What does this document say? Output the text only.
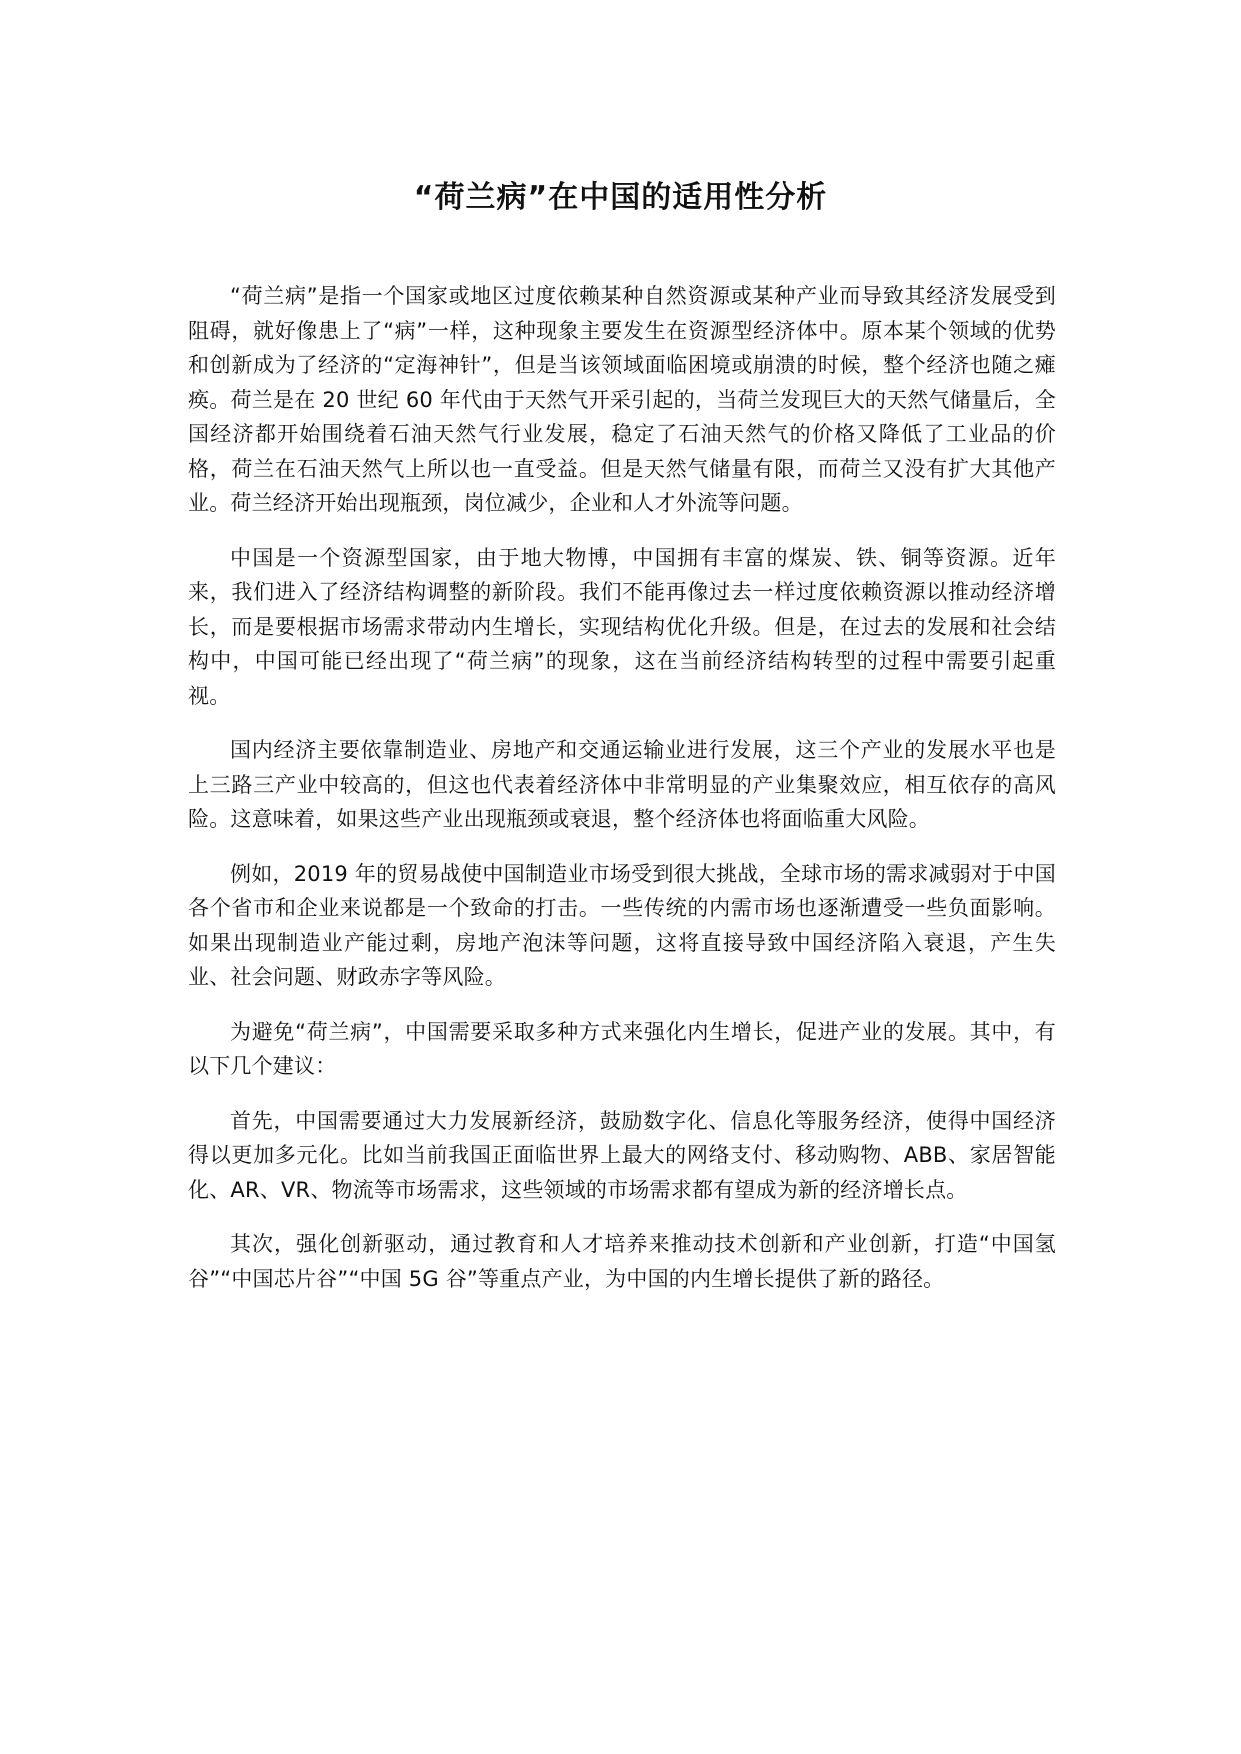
“荷兰病”在中国的适用性分析

“荷兰病”是指一个国家或地区过度依赖某种自然资源或某种产业而导致其经济发展受到阻碍，就好像患上了“病”一样，这种现象主要发生在资源型经济体中。原本某个领域的优势和创新成为了经济的“定海神针”，但是当该领域面临困境或崩溃的时候，整个经济也随之瘫痪。荷兰是在 20 世纪 60 年代由于天然气开采引起的，当荷兰发现巨大的天然气储量后，全国经济都开始围绕着石油天然气行业发展，稳定了石油天然气的价格又降低了工业品的价格，荷兰在石油天然气上所以也一直受益。但是天然气储量有限，而荷兰又没有扩大其他产业。荷兰经济开始出现瓶颈，岗位减少，企业和人才外流等问题。

中国是一个资源型国家，由于地大物博，中国拥有丰富的煤炭、铁、铜等资源。近年来，我们进入了经济结构调整的新阶段。我们不能再像过去一样过度依赖资源以推动经济增长，而是要根据市场需求带动内生增长，实现结构优化升级。但是，在过去的发展和社会结构中，中国可能已经出现了“荷兰病”的现象，这在当前经济结构转型的过程中需要引起重视。

国内经济主要依靠制造业、房地产和交通运输业进行发展，这三个产业的发展水平也是上三路三产业中较高的，但这也代表着经济体中非常明显的产业集聚效应，相互依存的高风险。这意味着，如果这些产业出现瓶颈或衰退，整个经济体也将面临重大风险。

例如，2019 年的贸易战使中国制造业市场受到很大挑战，全球市场的需求减弱对于中国各个省市和企业来说都是一个致命的打击。一些传统的内需市场也逐渐遭受一些负面影响。如果出现制造业产能过剩，房地产泡沫等问题，这将直接导致中国经济陷入衰退，产生失业、社会问题、财政赤字等风险。

为避免“荷兰病”，中国需要采取多种方式来强化内生增长，促进产业的发展。其中，有以下几个建议：

首先，中国需要通过大力发展新经济，鼓励数字化、信息化等服务经济，使得中国经济得以更加多元化。比如当前我国正面临世界上最大的网络支付、移动购物、ABB、家居智能化、AR、VR、物流等市场需求，这些领域的市场需求都有望成为新的经济增长点。

其次，强化创新驱动，通过教育和人才培养来推动技术创新和产业创新，打造“中国氢谷”“中国芯片谷”“中国 5G 谷”等重点产业，为中国的内生增长提供了新的路径。
